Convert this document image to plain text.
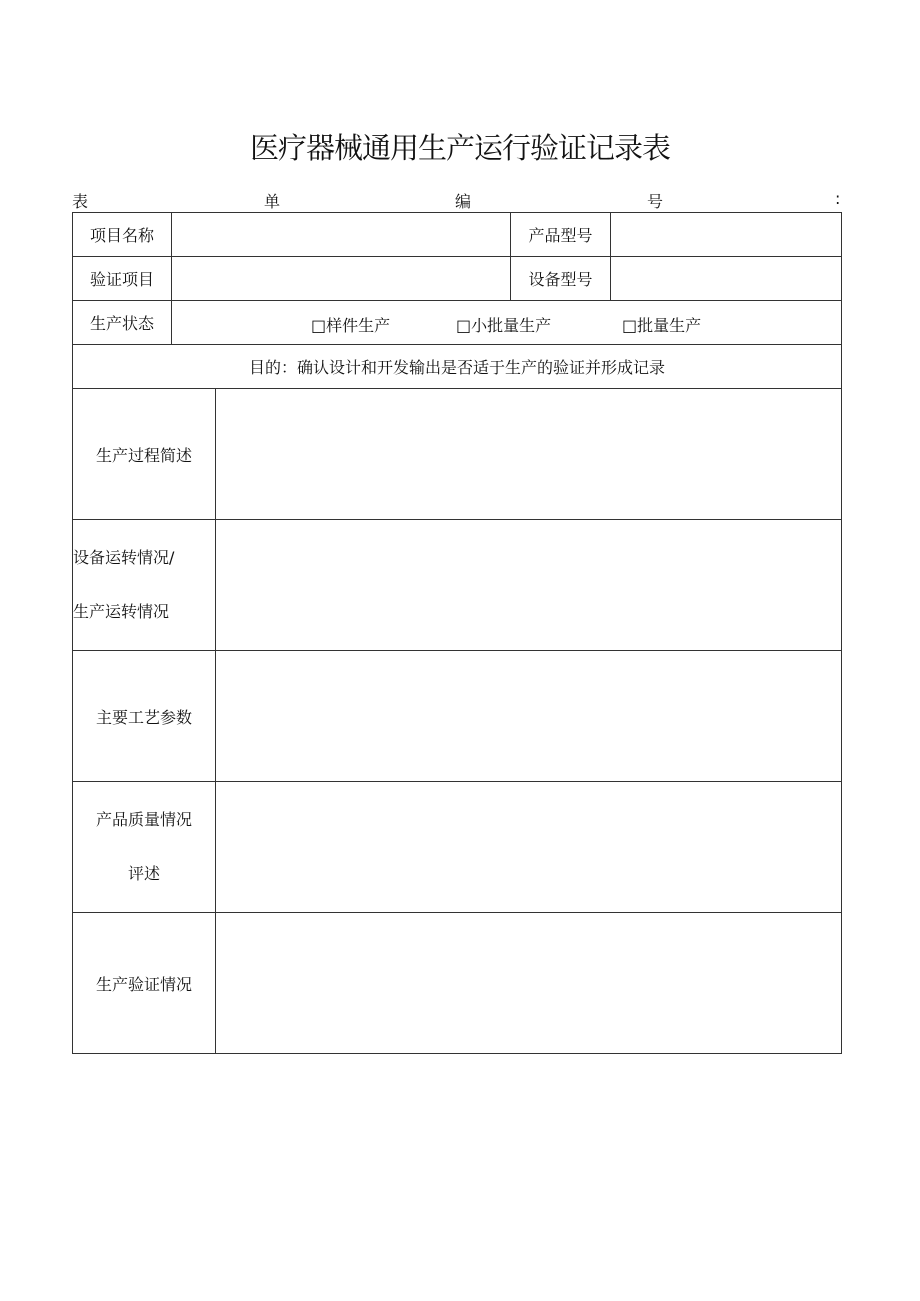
医疗器械通用生产运行验证记录表
表	单	编	号	:
项目名称			产品型号	
验证项目			设备型号	
生产状态	□样件生产 □小批量生产 □批量生产			

目的：确认设计和开发输出是否适于生产的验证并形成记录				
生产过程简述				

设备运转情况/
生产运转情况				

主要工艺参数				

产品质量情况
评述				

生产验证情况				
